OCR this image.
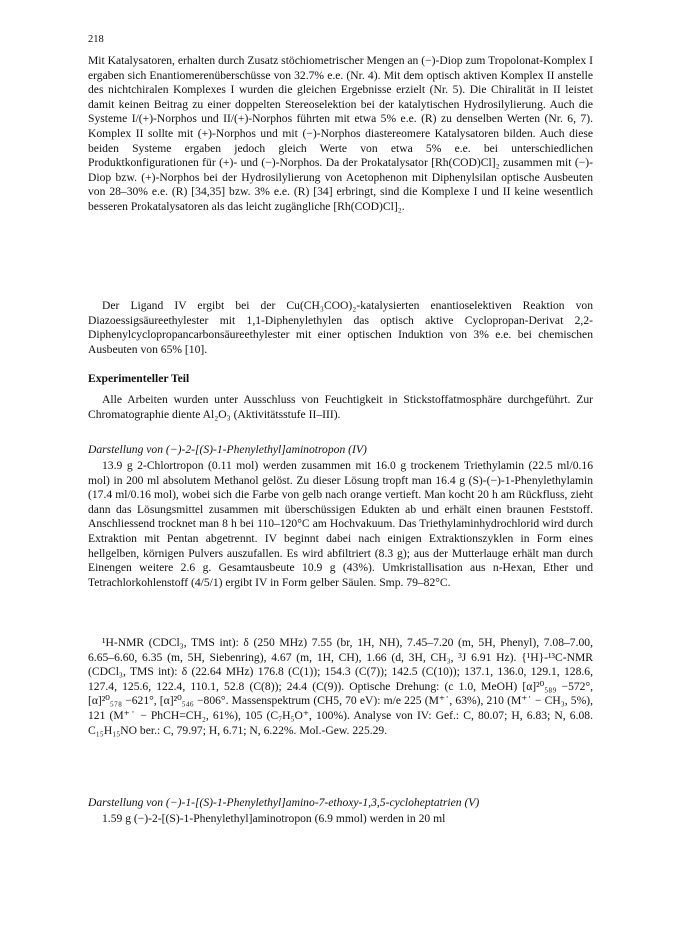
218

Mit Katalysatoren, erhalten durch Zusatz stöchiometrischer Mengen an (−)-Diop zum Tropolonat-Komplex I ergaben sich Enantiomerenüberschüsse von 32.7% e.e. (Nr. 4). Mit dem optisch aktiven Komplex II anstelle des nichtchiralen Komplexes I wurden die gleichen Ergebnisse erzielt (Nr. 5). Die Chiralität in II leistet damit keinen Beitrag zu einer doppelten Stereoselektion bei der katalytischen Hydrosilylierung. Auch die Systeme I/(+)-Norphos und II/(+)-Norphos führten mit etwa 5% e.e. (R) zu denselben Werten (Nr. 6, 7). Komplex II sollte mit (+)-Norphos und mit (−)-Norphos diastereomere Katalysatoren bilden. Auch diese beiden Systeme ergaben jedoch gleich Werte von etwa 5% e.e. bei unterschiedlichen Produktkonfigurationen für (+)- und (−)-Norphos. Da der Prokatalysator [Rh(COD)Cl]₂ zusammen mit (−)-Diop bzw. (+)-Norphos bei der Hydrosilylierung von Acetophenon mit Diphenylsilan optische Ausbeuten von 28–30% e.e. (R) [34,35] bzw. 3% e.e. (R) [34] erbringt, sind die Komplexe I und II keine wesentlich besseren Prokatalysatoren als das leicht zugängliche [Rh(COD)Cl]₂.

Der Ligand IV ergibt bei der Cu(CH₃COO)₂-katalysierten enantioselektiven Reaktion von Diazoessigsäureethylester mit 1,1-Diphenylethylen das optisch aktive Cyclopropan-Derivat 2,2-Diphenylcyclopropancarbonsäureethylester mit einer optischen Induktion von 3% e.e. bei chemischen Ausbeuten von 65% [10].

Experimenteller Teil

Alle Arbeiten wurden unter Ausschluss von Feuchtigkeit in Stickstoffatmosphäre durchgeführt. Zur Chromatographie diente Al₂O₃ (Aktivitätsstufe II–III).

Darstellung von (−)-2-[(S)-1-Phenylethyl]aminotropon (IV)

13.9 g 2-Chlortropon (0.11 mol) werden zusammen mit 16.0 g trockenem Triethylamin (22.5 ml/0.16 mol) in 200 ml absolutem Methanol gelöst. Zu dieser Lösung tropft man 16.4 g (S)-(−)-1-Phenylethylamin (17.4 ml/0.16 mol), wobei sich die Farbe von gelb nach orange vertieft. Man kocht 20 h am Rückfluss, zieht dann das Lösungsmittel zusammen mit überschüssigen Edukten ab und erhält einen braunen Feststoff. Anschliessend trocknet man 8 h bei 110–120°C am Hochvakuum. Das Triethylaminhydrochlorid wird durch Extraktion mit Pentan abgetrennt. IV beginnt dabei nach einigen Extraktionszyklen in Form eines hellgelben, körnigen Pulvers auszufallen. Es wird abfiltriert (8.3 g); aus der Mutterlauge erhält man durch Einengen weitere 2.6 g. Gesamtausbeute 10.9 g (43%). Umkristallisation aus n-Hexan, Ether und Tetrachlorkohlenstoff (4/5/1) ergibt IV in Form gelber Säulen. Smp. 79–82°C.

¹H-NMR (CDCl₃, TMS int): δ (250 MHz) 7.55 (br, 1H, NH), 7.45–7.20 (m, 5H, Phenyl), 7.08–7.00, 6.65–6.60, 6.35 (m, 5H, Siebenring), 4.67 (m, 1H, CH), 1.66 (d, 3H, CH₃, ³J 6.91 Hz). {¹H}-¹³C-NMR (CDCl₃, TMS int): δ (22.64 MHz) 176.8 (C(1)); 154.3 (C(7)); 142.5 (C(10)); 137.1, 136.0, 129.1, 128.6, 127.4, 125.6, 122.4, 110.1, 52.8 (C(8)); 24.4 (C(9)). Optische Drehung: (c 1.0, MeOH) [α]²⁰₅₈₉ −572°, [α]²⁰₅₇₈ −621°, [α]²⁰₅₄₆ −806°. Massenspektrum (CH5, 70 eV): m/e 225 (M⁺˙, 63%), 210 (M⁺˙ − CH₃, 5%), 121 (M⁺˙ − PhCH=CH₂, 61%), 105 (C₇H₅O⁺, 100%). Analyse von IV: Gef.: C, 80.07; H, 6.83; N, 6.08. C₁₅H₁₅NO ber.: C, 79.97; H, 6.71; N, 6.22%. Mol.-Gew. 225.29.

Darstellung von (−)-1-[(S)-1-Phenylethyl]amino-7-ethoxy-1,3,5-cycloheptatrien (V)

1.59 g (−)-2-[(S)-1-Phenylethyl]aminotropon (6.9 mmol) werden in 20 ml
